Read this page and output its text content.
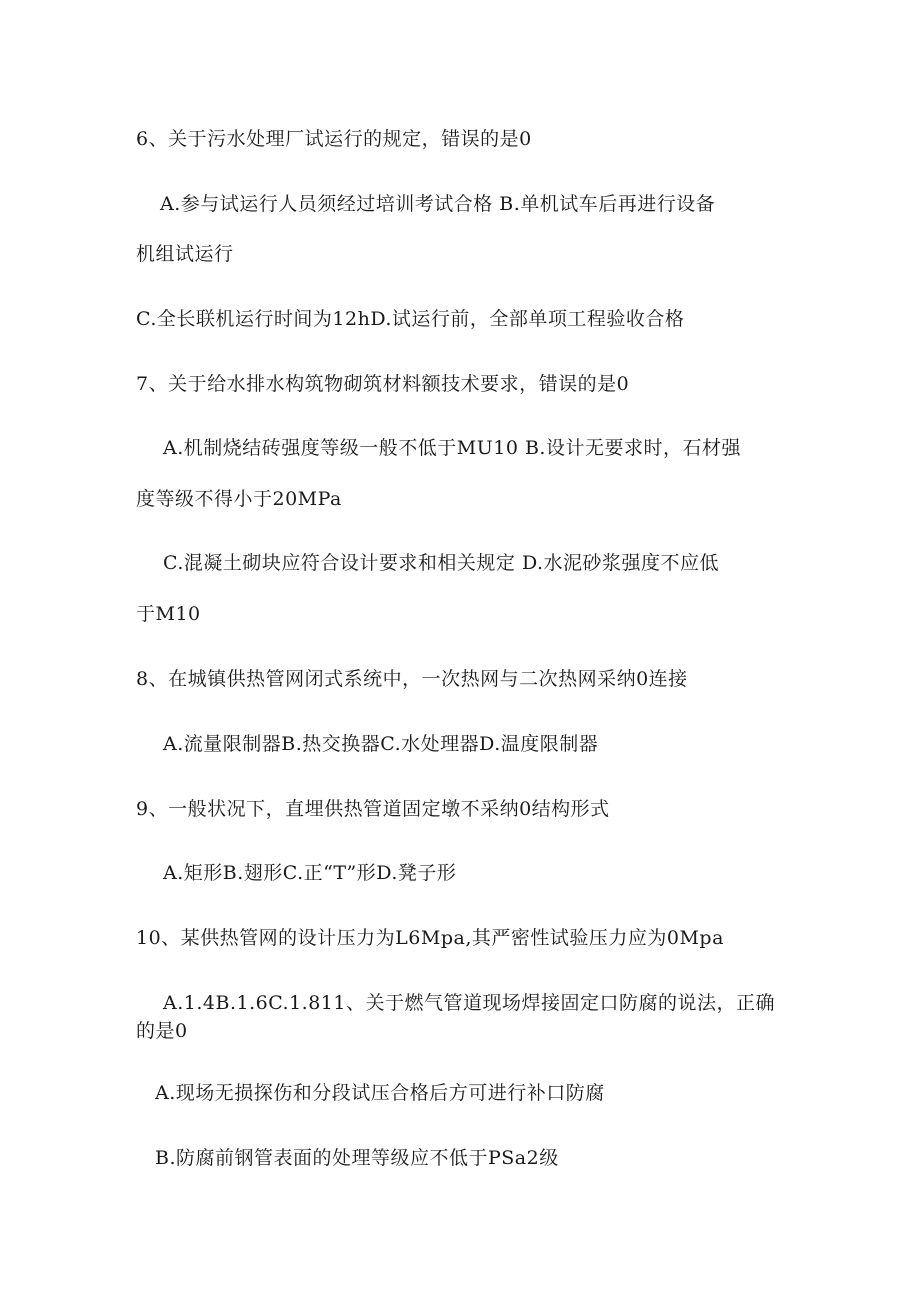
6、关于污水处理厂试运行的规定，错误的是0
A.参与试运行人员须经过培训考试合格 B.单机试车后再进行设备
机组试运行
C.全长联机运行时间为12hD.试运行前，全部单项工程验收合格
7、关于给水排水构筑物砌筑材料额技术要求，错误的是0
A.机制烧结砖强度等级一般不低于MU10 B.设计无要求时，石材强
度等级不得小于20MPa
C.混凝土砌块应符合设计要求和相关规定 D.水泥砂浆强度不应低
于M10
8、在城镇供热管网闭式系统中，一次热网与二次热网采纳0连接
A.流量限制器B.热交换器C.水处理器D.温度限制器
9、一般状况下，直埋供热管道固定墩不采纳0结构形式
A.矩形B.翅形C.正“T”形D.凳子形
10、某供热管网的设计压力为L6Mpa,其严密性试验压力应为0Mpa
A.1.4B.1.6C.1.811、关于燃气管道现场焊接固定口防腐的说法，正确
的是0
A.现场无损探伤和分段试压合格后方可进行补口防腐
B.防腐前钢管表面的处理等级应不低于PSa2级
